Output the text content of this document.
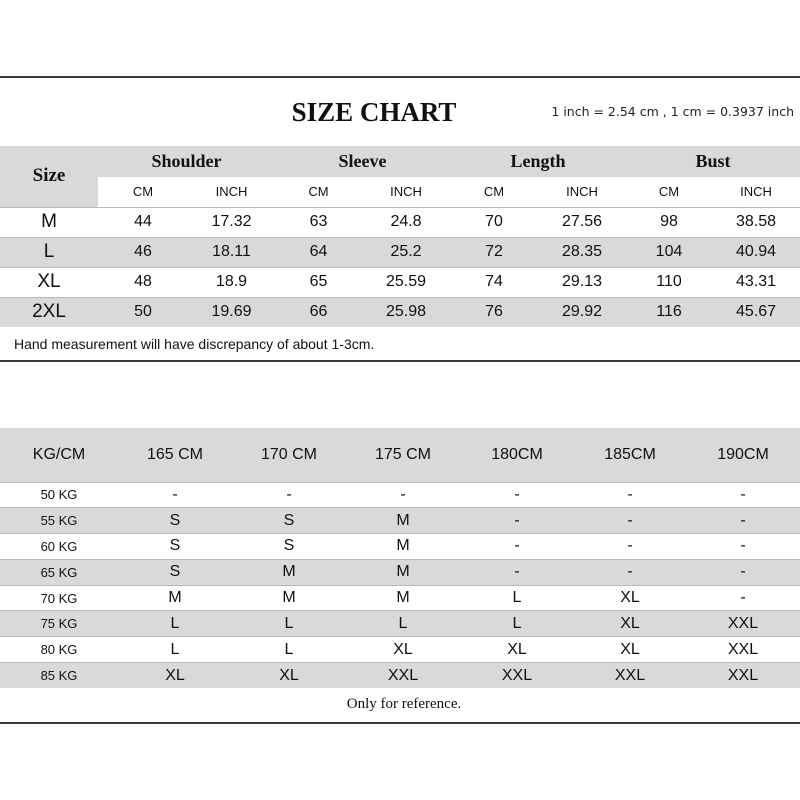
SIZE CHART	1 inch = 2.54 cm , 1 cm = 0.3937 inch
Size	Shoulder		Sleeve		Length		Bust	
	CM	INCH	CM	INCH	CM	INCH	CM	INCH
M	44	17.32	63	24.8	70	27.56	98	38.58
L	46	18.11	64	25.2	72	28.35	104	40.94
XL	48	18.9	65	25.59	74	29.13	110	43.31
2XL	50	19.69	66	25.98	76	29.92	116	45.67
Hand measurement will have discrepancy of about 1-3cm.
KG/CM	165 CM	170 CM	175 CM	180CM	185CM	190CM
50 KG	-	-	-	-	-	-
55 KG	S	S	M	-	-	-
60 KG	S	S	M	-	-	-
65 KG	S	M	M	-	-	-
70 KG	M	M	M	L	XL	-
75 KG	L	L	L	L	XL	XXL
80 KG	L	L	XL	XL	XL	XXL
85 KG	XL	XL	XXL	XXL	XXL	XXL
Only for reference.
